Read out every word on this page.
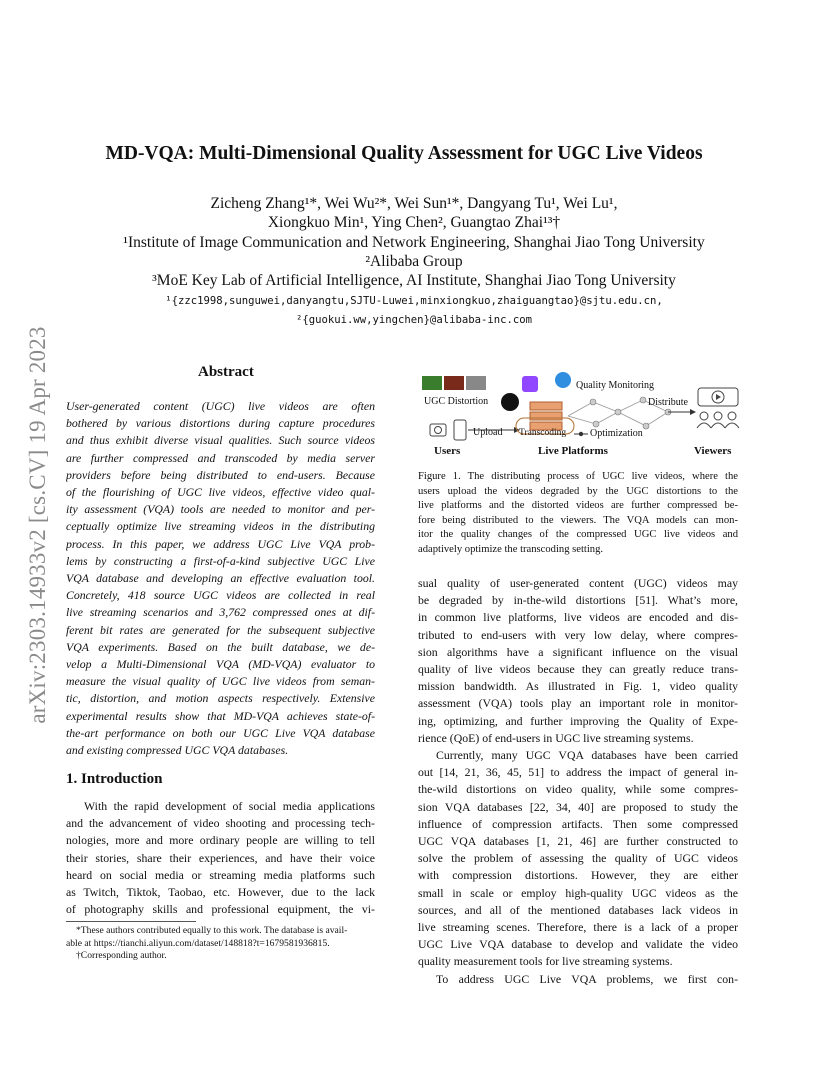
arXiv:2303.14933v2 [cs.CV] 19 Apr 2023
MD-VQA: Multi-Dimensional Quality Assessment for UGC Live Videos
Zicheng Zhang¹*, Wei Wu²*, Wei Sun¹*, Dangyang Tu¹, Wei Lu¹,
Xiongkuo Min¹, Ying Chen², Guangtao Zhai¹³†
¹Institute of Image Communication and Network Engineering, Shanghai Jiao Tong University
²Alibaba Group
³MoE Key Lab of Artificial Intelligence, AI Institute, Shanghai Jiao Tong University
¹{zzc1998,sunguwei,danyangtu,SJTU-Luwei,minxiongkuo,zhaiguangtao}@sjtu.edu.cn,
²{guokui.ww,yingchen}@alibaba-inc.com
Abstract
User-generated content (UGC) live videos are often
bothered by various distortions during capture procedures
and thus exhibit diverse visual qualities. Such source videos
are further compressed and transcoded by media server
providers before being distributed to end-users. Because
of the flourishing of UGC live videos, effective video qual-
ity assessment (VQA) tools are needed to monitor and per-
ceptually optimize live streaming videos in the distributing
process. In this paper, we address UGC Live VQA prob-
lems by constructing a first-of-a-kind subjective UGC Live
VQA database and developing an effective evaluation tool.
Concretely, 418 source UGC videos are collected in real
live streaming scenarios and 3,762 compressed ones at dif-
ferent bit rates are generated for the subsequent subjective
VQA experiments. Based on the built database, we de-
velop a Multi-Dimensional VQA (MD-VQA) evaluator to
measure the visual quality of UGC live videos from seman-
tic, distortion, and motion aspects respectively. Extensive
experimental results show that MD-VQA achieves state-of-
the-art performance on both our UGC Live VQA database
and existing compressed UGC VQA databases.
1. Introduction
With the rapid development of social media applications
and the advancement of video shooting and processing tech-
nologies, more and more ordinary people are willing to tell
their stories, share their experiences, and have their voice
heard on social media or streaming media platforms such
as Twitch, Tiktok, Taobao, etc. However, due to the lack
of photography skills and professional equipment, the vi-
*These authors contributed equally to this work. The database is avail-
able at https://tianchi.aliyun.com/dataset/148818?t=1679581936815.
†Corresponding author.
UGC Distortion
Upload
Quality Monitoring
Distribute
Transcoding Optimization
Users	Live Platforms	Viewers
Figure 1. The distributing process of UGC live videos, where the
users upload the videos degraded by the UGC distortions to the
live platforms and the distorted videos are further compressed be-
fore being distributed to the viewers. The VQA models can mon-
itor the quality changes of the compressed UGC live videos and
adaptively optimize the transcoding setting.
sual quality of user-generated content (UGC) videos may
be degraded by in-the-wild distortions [51]. What’s more,
in common live platforms, live videos are encoded and dis-
tributed to end-users with very low delay, where compres-
sion algorithms have a significant influence on the visual
quality of live videos because they can greatly reduce trans-
mission bandwidth. As illustrated in Fig. 1, video quality
assessment (VQA) tools play an important role in monitor-
ing, optimizing, and further improving the Quality of Expe-
rience (QoE) of end-users in UGC live streaming systems.
Currently, many UGC VQA databases have been carried
out [14, 21, 36, 45, 51] to address the impact of general in-
the-wild distortions on video quality, while some compres-
sion VQA databases [22, 34, 40] are proposed to study the
influence of compression artifacts. Then some compressed
UGC VQA databases [1, 21, 46] are further constructed to
solve the problem of assessing the quality of UGC videos
with compression distortions. However, they are either
small in scale or employ high-quality UGC videos as the
sources, and all of the mentioned databases lack videos in
live streaming scenes. Therefore, there is a lack of a proper
UGC Live VQA database to develop and validate the video
quality measurement tools for live streaming systems.
To address UGC Live VQA problems, we first con-
